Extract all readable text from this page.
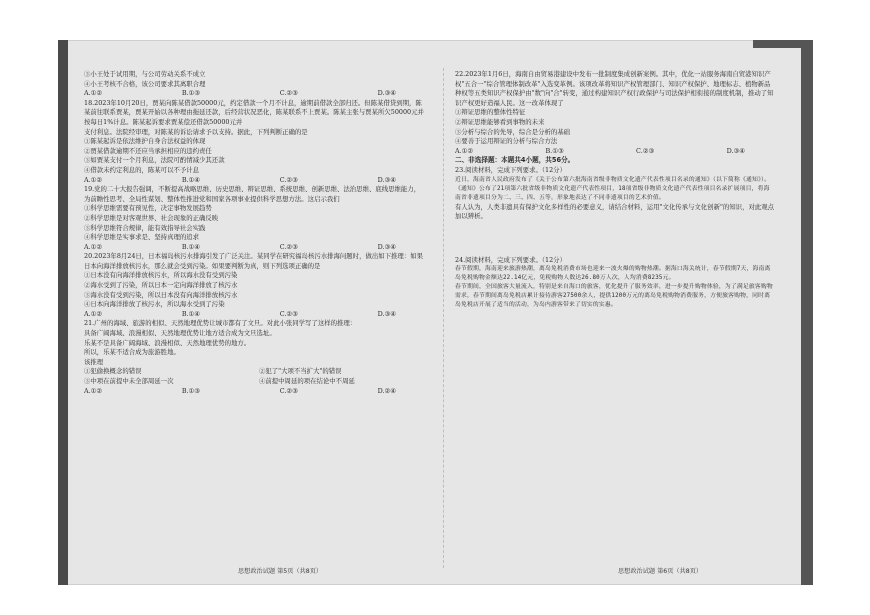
③小王处于试用期，与公司劳动关系不成立

④小王考核不合格，该公司要求其离职合理

A.①②	B.①③	C.②③	D.③④

18.2023年10月20日，贾某向陈某借款50000元，约定借款一个月不计息，逾期前借款全部归还。但陈某借贷到期，陈某前往联系贾某，贾某开始以各种理由拖延还款，后经营状况恶化，陈某联系不上贾某。陈某主张与贾某所欠50000元并按每日1%计息。陈某起诉要求贾某偿还借款50000元并

支付利息。法院经审理，对陈某的诉讼请求予以支持。据此，下列判断正确的是

①陈某起诉是依法维护自身合法权益的体现

②贾某借款逾期不还应当承担相应的违约责任

③如贾某支付一个月利息，法院可酌情减少其还款

④借款未约定利息的，陈某可以不予计息

A.①②	B.①④	C.②③	D.③④

19.党的二十大报告强调，不断提高战略思维、历史思维、辩证思维、系统思维、创新思维、法治思维、底线思维能力，为前瞻性思考、全局性谋划、整体性推进党和国家各项事业提供科学思想方法。这启示我们

①科学思维需要有预见性，决定事物发展趋势

②科学思维是对客观世界、社会现象的正确反映

③科学思维符合规律，能有效指导社会实践

④科学思维是实事求是、坚持真理的追求

A.①②	B.①④	C.②③	D.③④

20.2023年8月24日，日本福岛核污水排海引发了广泛关注。某同学在研究福岛核污水排海问题时，做出如下推理：如果日本向海洋排放核污水，那么就会受到污染。如果要判断为真，则下列选项正确的是

①日本没有向海洋排放核污水，所以海水没有受到污染

②海水受到了污染，所以日本一定向海洋排放了核污水

③海水没有受到污染，所以日本没有向海洋排放核污水

④日本向海洋排放了核污水，所以海水受到了污染

A.①②	B.①④	C.②③	D.③④

21.广州的海域、旅游的相似、天然地理优势让城市都有了文旦。对此小张同学写了这样的推理：

具备广阔海域、浪漫相似、天然地理优势让地方适合成为文旦选址。

乐某不是具备广阔海域、浪漫相似、天然地理优势的地方。

所以，乐某不适合成为旅游胜地。

该推理

①犯偷换概念的错误	②犯了"大项不当扩大"的错误
③中项在前提中未全部周延一次	④前提中周延的项在结论中不周延
A.①②	B.①③	C.②③	D.②④

22.2023年1月6日，海南自由贸易港建设中发布一批制度集成创新案例。其中，优化一站服务海南自贸港知识产权"五合一"综合管理体制改革"入选变革例。该项改革将知识产权管理部门、知识产权保护、地理标志、植物新品种权等五类知识产权保护由"数"向"合"转变，通过构建知识产权行政保护与司法保护相衔接的制度机制，推动了知识产权更好造福人民。这一改革体现了

①辩证思维的整体性特征

②辩证思维能够看到事物的未来

③分析与综合的先导，综合是分析的基础

④要善于运用辩证的分析与综合方法

A.①②	B.①③	C.②③	D.③④

二、非选择题：本题共4小题，共56分。

23.阅读材料，完成下列要求。（12分）

近日，海南省人民政府发布了《关于公布第六批海南省级非物质文化遗产代表性项目名录的通知》（以下简称《通知》）。《通知》公布了21项第六批省级非物质文化遗产代表性项目，18项省级非物质文化遗产代表性项目名录扩展项目，将海南省非遗项目分为二、三、四、五等，形象地表达了不同非遗项目的艺术价值。

有人认为，人类非遗具有保护文化多样性的必要意义，请结合材料，运用"文化传承与文化创新"的知识，对此观点加以辨析。

24.阅读材料，完成下列要求。（12分）

春节假期，海南迎来旅游热潮，离岛免税消费市场也迎来一波火爆的购物热潮。据海口海关统计，春节假期7天，海南离岛免税购物金额达22.14亿元，免税购物人数达26.80万人次，人均消费8235元。

春节期间，全国旅客大量流入，特别是来自海口的旅客，优化提升了服务效率，进一步提升购物体验，为了满足旅客购物需求，春节期间离岛免税店累计接待游客27500余人，提供1200万元的离岛免税购物消费服务，方便旅客购物，同时离岛免税店开展了适当的活动，为岛内游客带来了切实的实惠。

思想政治试题 第5页（共8页）	思想政治试题 第6页（共8页）
